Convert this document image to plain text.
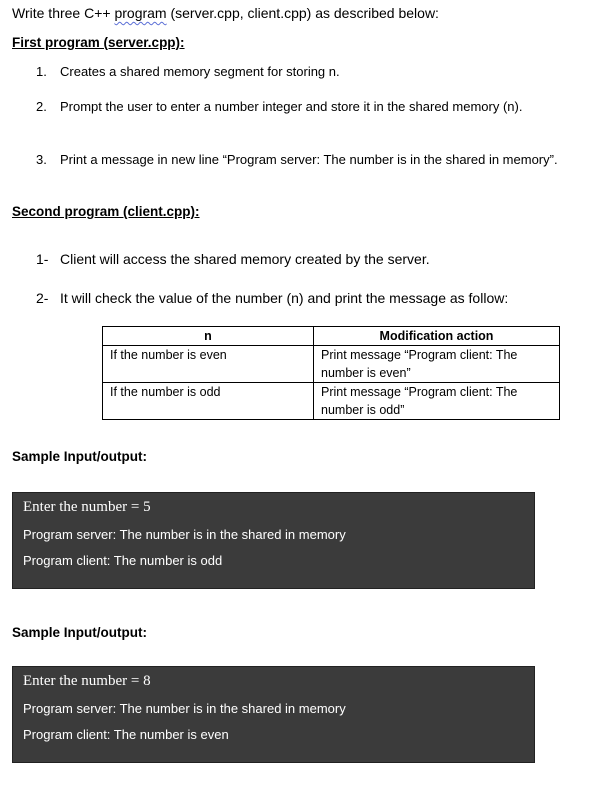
Write three C++ program (server.cpp, client.cpp) as described below:
First program (server.cpp):
1. Creates a shared memory segment for storing n.
2. Prompt the user to enter a number integer and store it in the shared memory (n).
3. Print a message in new line “Program server: The number is in the shared in memory”.
Second program (client.cpp):
1- Client will access the shared memory created by the server.
2- It will check the value of the number (n) and print the message as follow:
n	Modification action
If the number is even	Print message “Program client: The
number is even”
If the number is odd	Print message “Program client: The
number is odd”
Sample Input/output:
Enter the number = 5
Program server: The number is in the shared in memory
Program client: The number is odd
Sample Input/output:
Enter the number = 8
Program server: The number is in the shared in memory
Program client: The number is even
